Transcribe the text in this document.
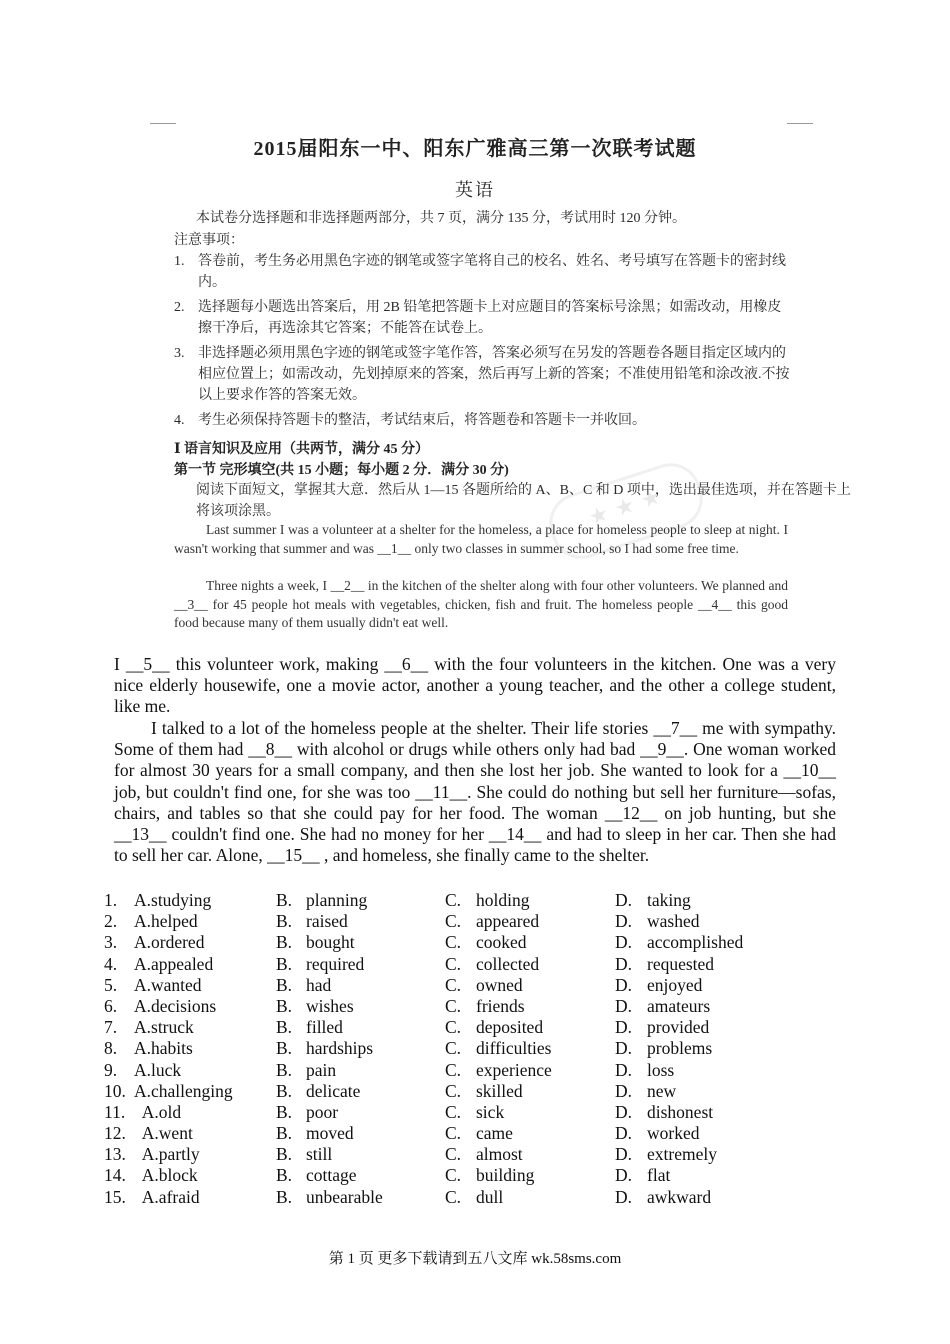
2015届阳东一中、阳东广雅高三第一次联考试题
英语
本试卷分选择题和非选择题两部分，共 7 页，满分 135 分，考试用时 120 分钟。
注意事项：
1. 答卷前，考生务必用黑色字迹的钢笔或签字笔将自己的校名、姓名、考号填写在答题卡的密封线内。
2. 选择题每小题选出答案后，用 2B 铅笔把答题卡上对应题目的答案标号涂黑；如需改动，用橡皮擦干净后，再选涂其它答案；不能答在试卷上。
3. 非选择题必须用黑色字迹的钢笔或签字笔作答，答案必须写在另发的答题卷各题目指定区域内的相应位置上；如需改动，先划掉原来的答案，然后再写上新的答案；不准使用铅笔和涂改液.不按以上要求作答的答案无效。
4. 考生必须保持答题卡的整洁，考试结束后，将答题卷和答题卡一并收回。
Ⅰ 语言知识及应用（共两节，满分 45 分）
第一节 完形填空(共 15 小题；每小题 2 分．满分 30 分)
阅读下面短文，掌握其大意．然后从 1—15 各题所给的 A、B、C 和 D 项中，选出最佳选项，并在答题卡上将该项涂黑。	★ ★ ★
Last summer I was a volunteer at a shelter for the homeless, a place for homeless people to sleep at night. I wasn't working that summer and was __1__ only two classes in summer school, so I had some free time.
Three nights a week, I __2__ in the kitchen of the shelter along with four other volunteers. We planned and __3__ for 45 people hot meals with vegetables, chicken, fish and fruit. The homeless people __4__ this good food because many of them usually didn't eat well.
I __5__ this volunteer work, making __6__ with the four volunteers in the kitchen. One was a very nice elderly housewife, one a movie actor, another a young teacher, and the other a college student, like me.
I talked to a lot of the homeless people at the shelter. Their life stories __7__ me with sympathy. Some of them had __8__ with alcohol or drugs while others only had bad __9__. One woman worked for almost 30 years for a small company, and then she lost her job. She wanted to look for a __10__ job, but couldn't find one, for she was too __11__. She could do nothing but sell her furniture—sofas, chairs, and tables so that she could pay for her food. The woman __12__ on job hunting, but she __13__ couldn't find one. She had no money for her __14__ and had to sleep in her car. Then she had to sell her car. Alone, __15__ , and homeless, she finally came to the shelter.
1. A.studying	B. planning	C. holding	D. taking
2. A.helped	B. raised	C. appeared	D. washed
3. A.ordered	B. bought	C. cooked	D. accomplished
4. A.appealed	B. required	C. collected	D. requested
5. A.wanted	B. had	C. owned	D. enjoyed
6. A.decisions	B. wishes	C. friends	D. amateurs
7. A.struck	B. filled	C. deposited	D. provided
8. A.habits	B. hardships	C. difficulties	D. problems
9. A.luck	B. pain	C. experience	D. loss
10. A.challenging B. delicate	C. skilled	D. new
11. A.old	B. poor	C. sick	D. dishonest
12. A.went	B. moved	C. came	D. worked
13. A.partly	B. still	C. almost	D. extremely
14. A.block	B. cottage	C. building	D. flat
15. A.afraid	B. unbearable	C. dull	D. awkward
第 1 页 更多下载请到五八文库 wk.58sms.com
